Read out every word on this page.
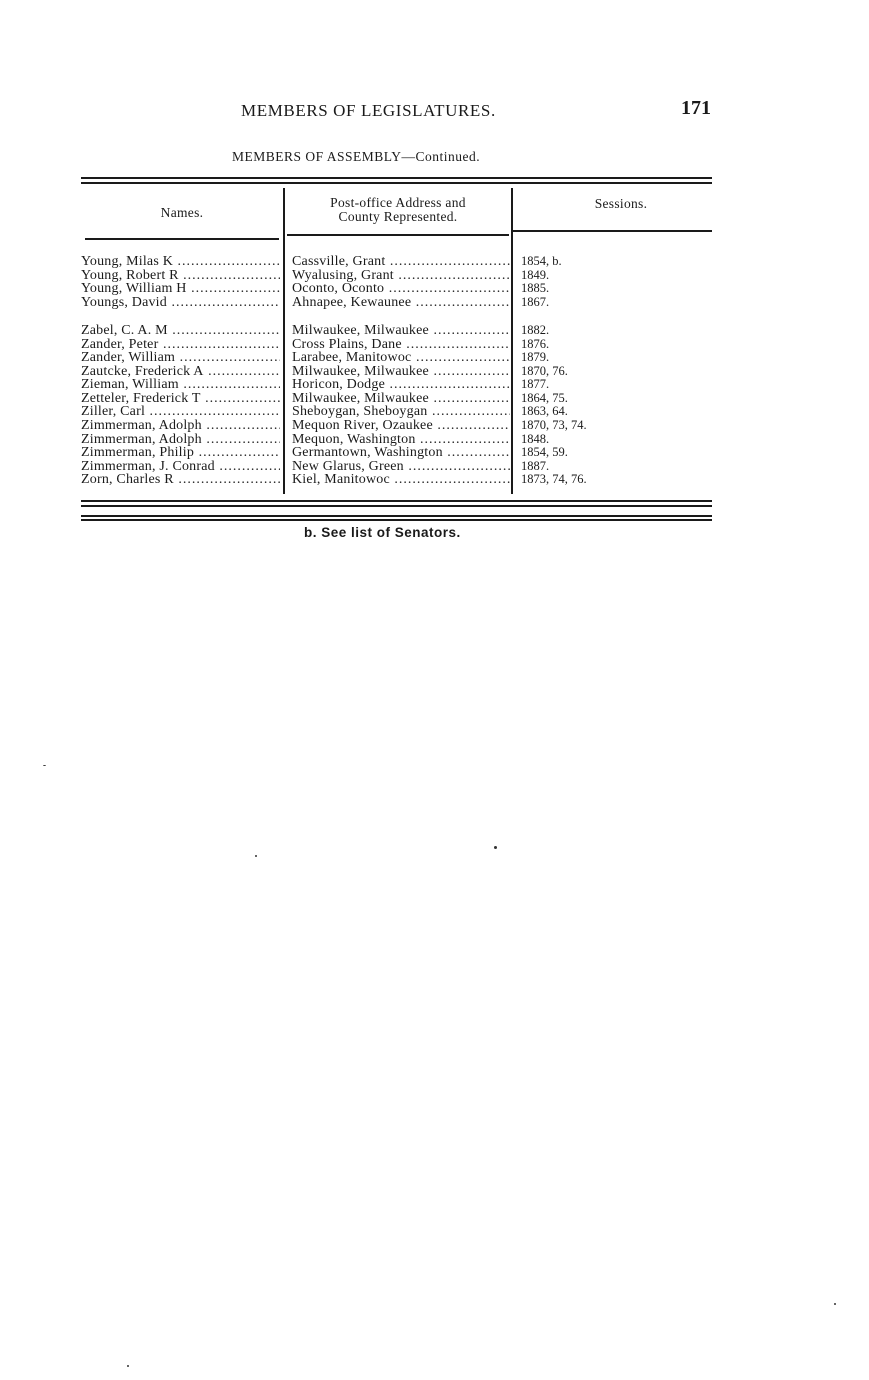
MEMBERS OF LEGISLATURES.	171
MEMBERS OF ASSEMBLY—Continued.
Names.
Post-office Address and
County Represented.
Sessions.
Young, Milas K .....
Young, Robert R .....
Young, William H .....
Youngs, David .....
Zabel, C. A. M .....
Zander, Peter .....
Zander, William .....
Zautcke, Frederick A .....
Zieman, William .....
Zetteler, Frederick T .....
Ziller, Carl .....
Zimmerman, Adolph .....
Zimmerman, Adolph .....
Zimmerman, Philip .....
Zimmerman, J. Conrad .....
Zorn, Charles R .....
Cassville, Grant .....
Wyalusing, Grant .....
Oconto, Oconto .....
Ahnapee, Kewaunee .....
Milwaukee, Milwaukee .....
Cross Plains, Dane .....
Larabee, Manitowoc .....
Milwaukee, Milwaukee .....
Horicon, Dodge .....
Milwaukee, Milwaukee .....
Sheboygan, Sheboygan .....
Mequon River, Ozaukee .....
Mequon, Washington .....
Germantown, Washington .....
New Glarus, Green .....
Kiel, Manitowoc .....
1854, b.
1849.
1885.
1867.
1882.
1876.
1879.
1870, 76.
1877.
1864, 75.
1863, 64.
1870, 73, 74.
1848.
1854, 59.
1887.
1873, 74, 76.
b. See list of Senators.
